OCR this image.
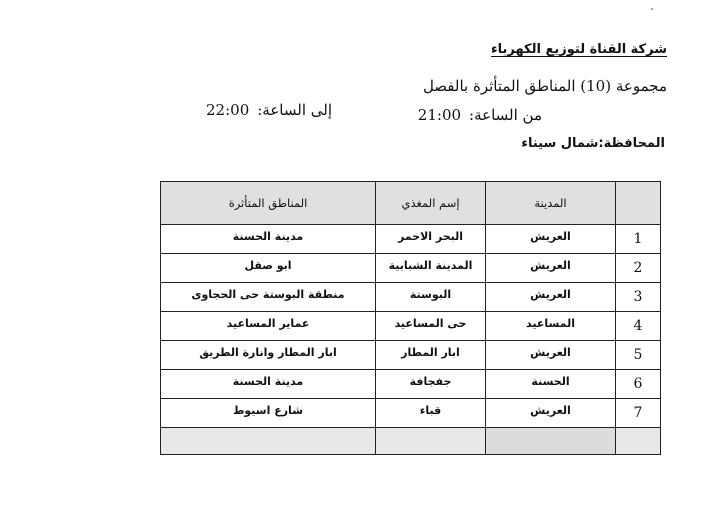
شركة القناة لتوزيع الكهرباء
مجموعة (10) المناطق المتأثرة بالفصل
من الساعة:21:00
إلى الساعة:22:00
المحافظة:شمال سيناء
المناطق المتأثرة	إسم المغذي	المدينة	

مدينة الحسنة	البحر الاحمر	العريش	1

ابو صقل	المدينة الشبابية	العريش	2

منطقة البوستة حى الحجاوى	البوستة	العريش	3

عماير المساعيد	حى المساعيد	المساعيد	4

ابار المطار وانارة الطريق	ابار المطار	العريش	5

مدينة الحسنة	جفجافة	الحسنة	6

شارع اسيوط	قباء	العريش	7
